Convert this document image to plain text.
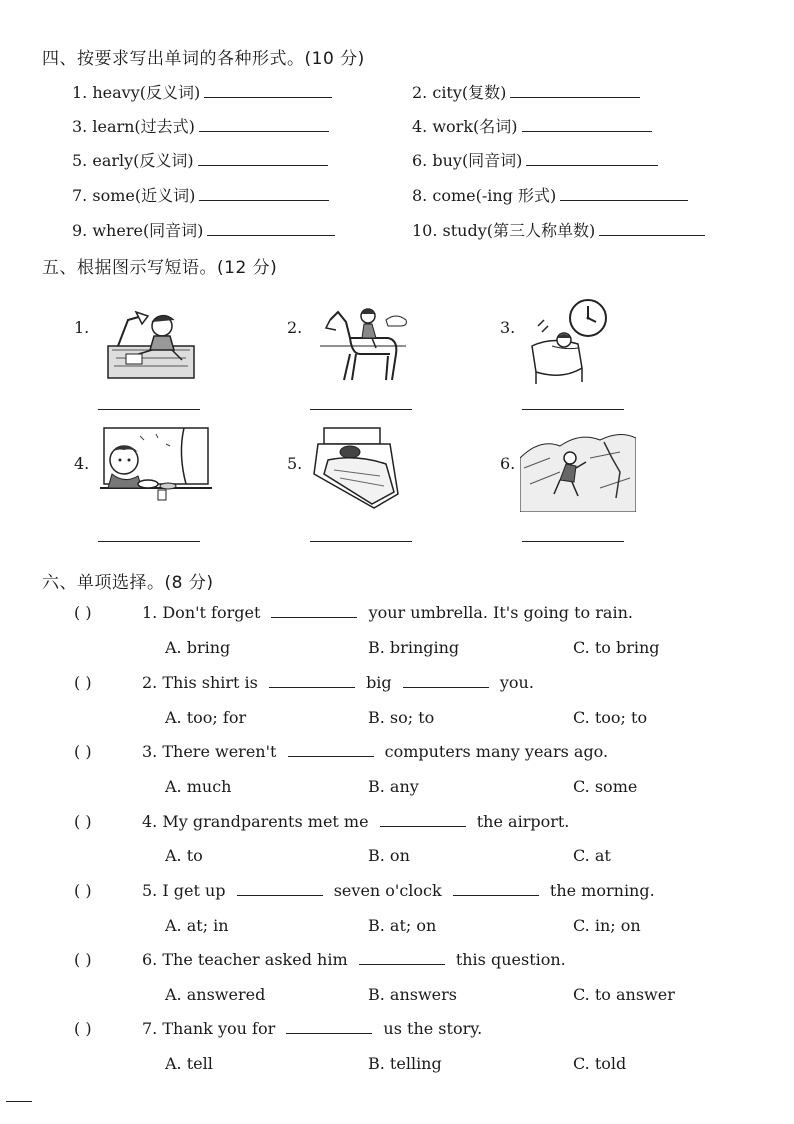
四、按要求写出单词的各种形式。(10 分)
1. heavy(反义词)	2. city(复数)
3. learn(过去式)	4. work(名词)
5. early(反义词)	6. buy(同音词)
7. some(近义词)	8. come(-ing 形式)
9. where(同音词)	10. study(第三人称单数)
五、根据图示写短语。(12 分)
1.	2.	3.
4.	5.	6.
六、单项选择。(8 分)
( )	1. Don't forget	your umbrella. It's going to rain.
A. bring	B. bringing	C. to bring
( )	2. This shirt is	big	you.
A. too; for	B. so; to	C. too; to
( )	3. There weren't	computers many years ago.
A. much	B. any	C. some
( )	4. My grandparents met me	the airport.
A. to	B. on	C. at
( )	5. I get up	seven o'clock	the morning.
A. at; in	B. at; on	C. in; on
( )	6. The teacher asked him	this question.
A. answered	B. answers	C. to answer
( )	7. Thank you for	us the story.
A. tell	B. telling	C. told
